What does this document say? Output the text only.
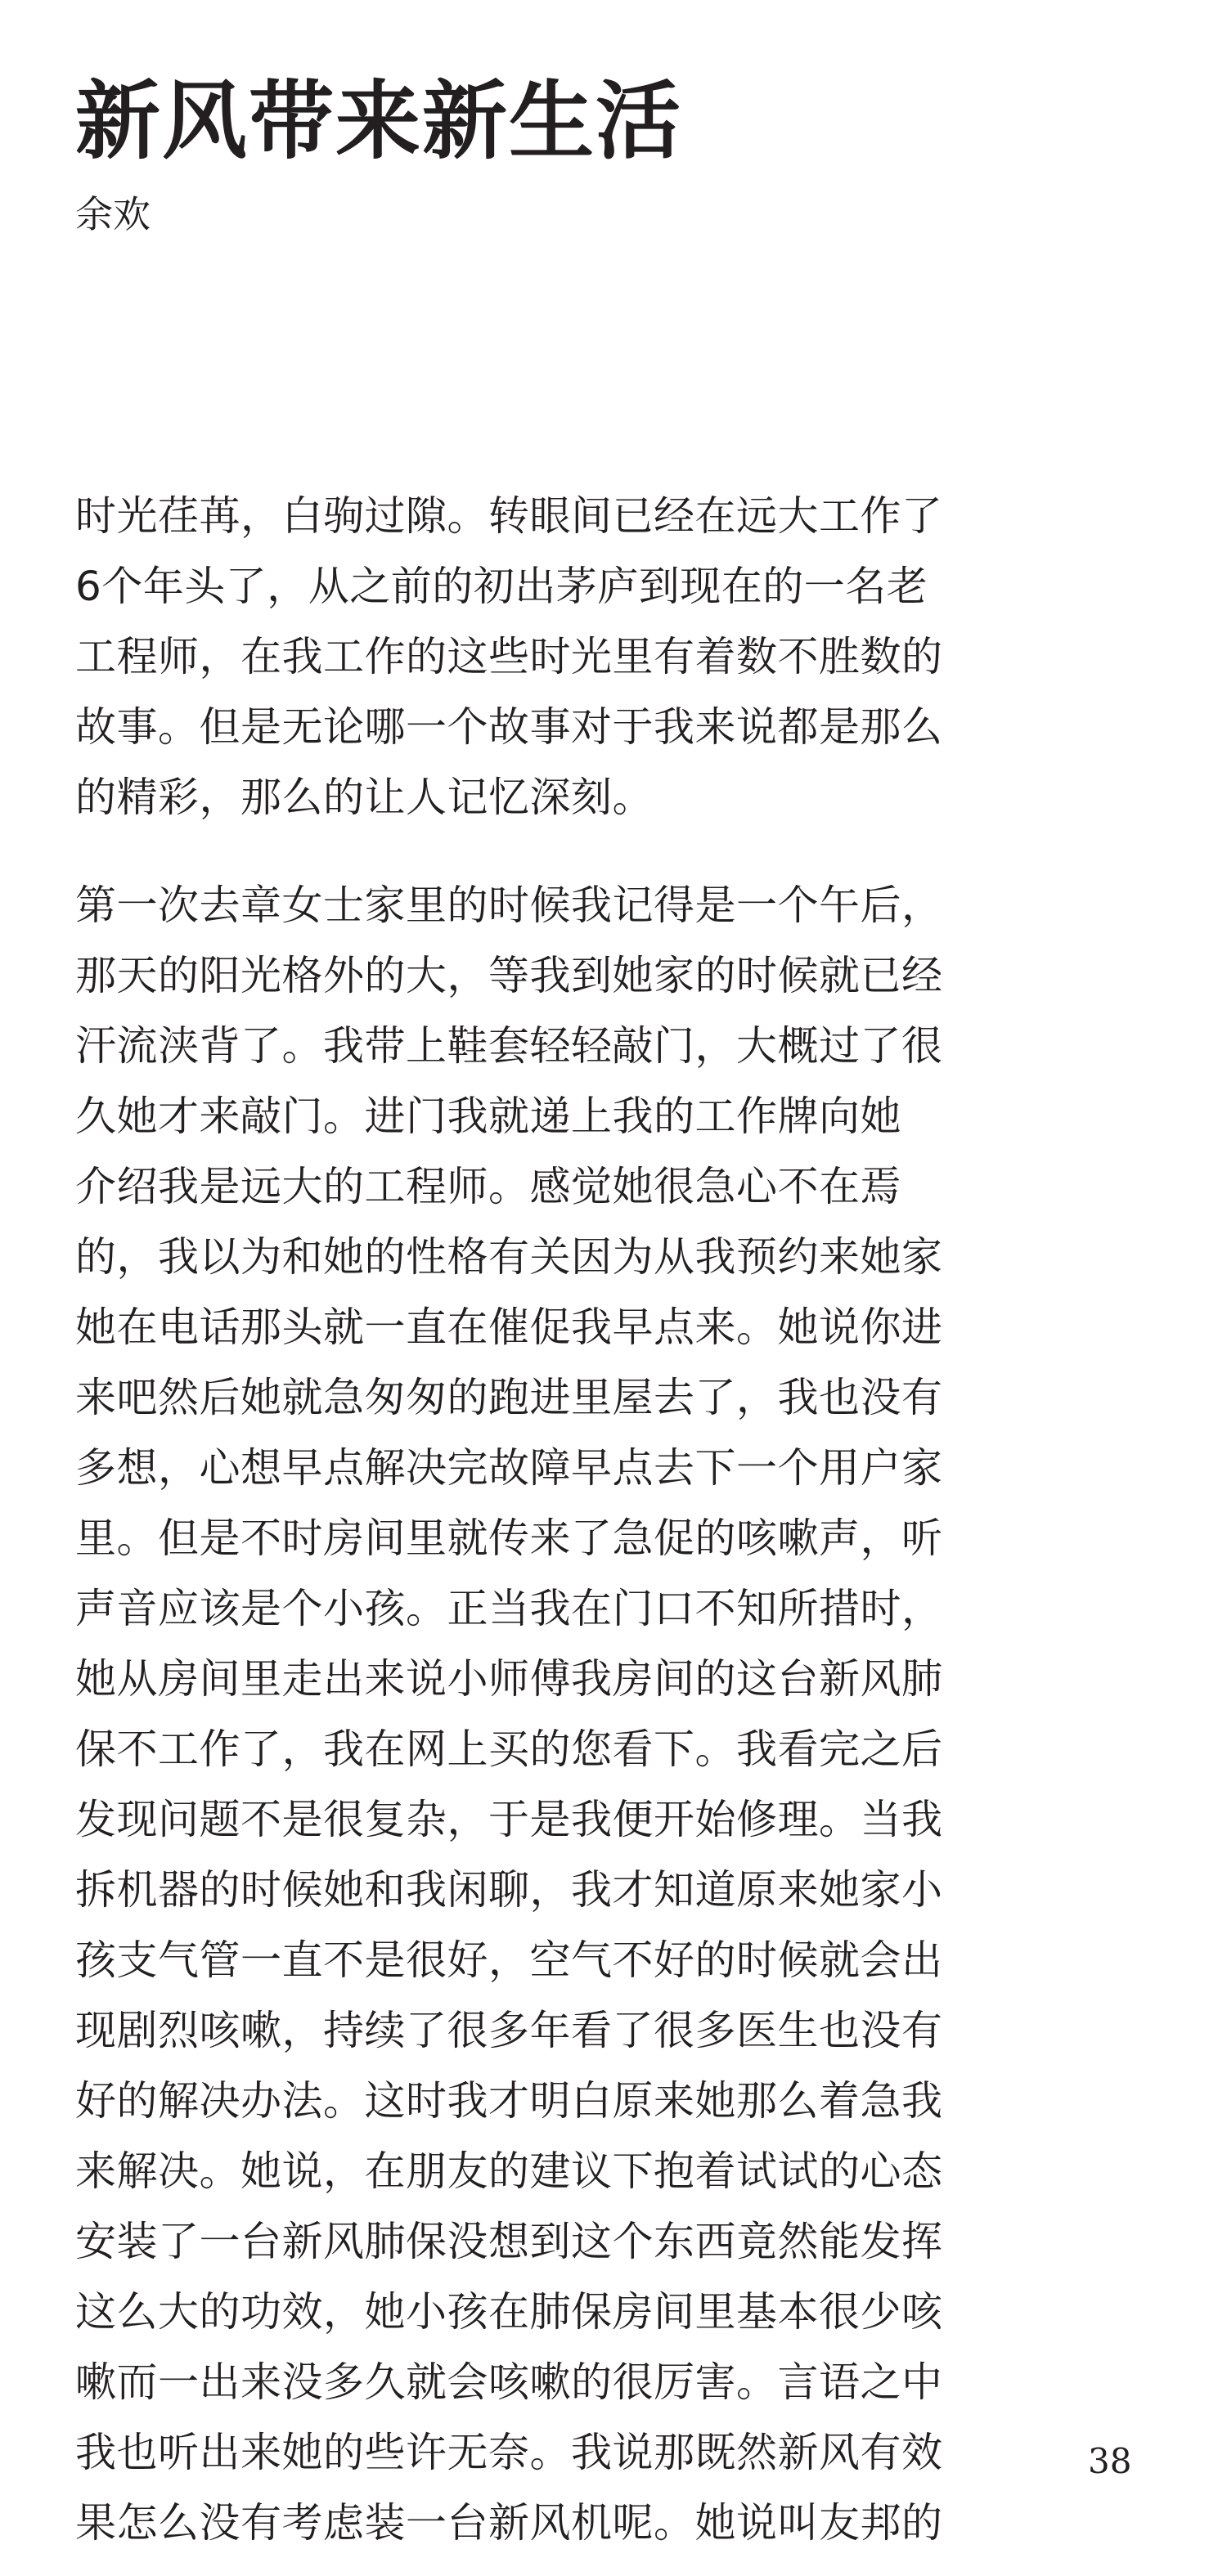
新风带来新生活
余欢

时光荏苒，白驹过隙。转眼间已经在远大工作了
6个年头了，从之前的初出茅庐到现在的一名老
工程师，在我工作的这些时光里有着数不胜数的
故事。但是无论哪一个故事对于我来说都是那么
的精彩，那么的让人记忆深刻。

第一次去章女士家里的时候我记得是一个午后，
那天的阳光格外的大，等我到她家的时候就已经
汗流浃背了。我带上鞋套轻轻敲门，大概过了很
久她才来敲门。进门我就递上我的工作牌向她
介绍我是远大的工程师。感觉她很急心不在焉
的，我以为和她的性格有关因为从我预约来她家
她在电话那头就一直在催促我早点来。她说你进
来吧然后她就急匆匆的跑进里屋去了，我也没有
多想，心想早点解决完故障早点去下一个用户家
里。但是不时房间里就传来了急促的咳嗽声，听
声音应该是个小孩。正当我在门口不知所措时，
她从房间里走出来说小师傅我房间的这台新风肺
保不工作了，我在网上买的您看下。我看完之后
发现问题不是很复杂，于是我便开始修理。当我
拆机器的时候她和我闲聊，我才知道原来她家小
孩支气管一直不是很好，空气不好的时候就会出
现剧烈咳嗽，持续了很多年看了很多医生也没有
好的解决办法。这时我才明白原来她那么着急我
来解决。她说，在朋友的建议下抱着试试的心态
安装了一台新风肺保没想到这个东西竟然能发挥
这么大的功效，她小孩在肺保房间里基本很少咳
嗽而一出来没多久就会咳嗽的很厉害。言语之中
我也听出来她的些许无奈。我说那既然新风有效
果怎么没有考虑装一台新风机呢。她说叫友邦的

38
